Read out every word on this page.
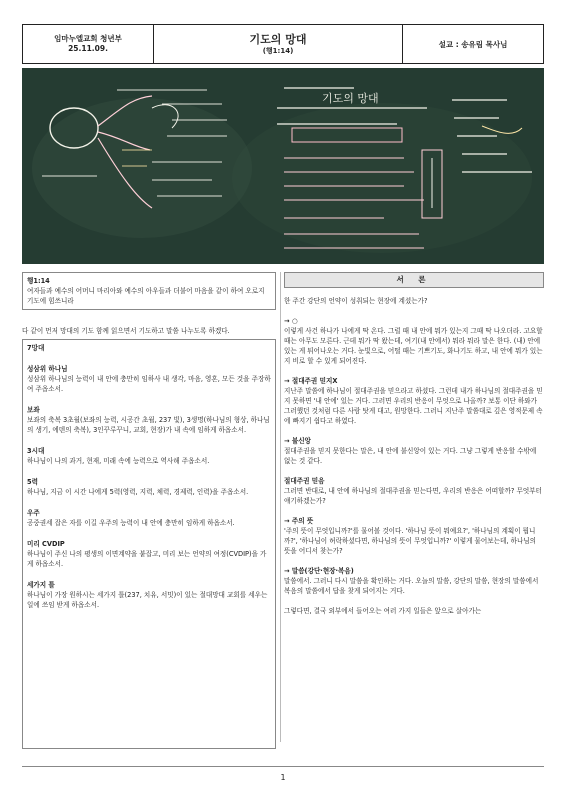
임마누엘교회 청년부
25.11.09.
기도의 망대
(행1:14)
설교 : 송유림 목사님
기도의 망대
행1:14
여자들과 예수의 어머니 마리아와 예수의 아우들과 더불어 마음을 같이 하여 오로지 기도에 힘쓰니라
다 같이 먼저 망대의 기도 함께 읽으면서 기도하고 말씀 나누도록 하겠다.
7망대
성삼위 하나님
성삼위 하나님의 능력이 내 안에 충만히 임하사 내 생각, 마음, 영혼, 모든 것을 주장하여 주옵소서.
보좌
보좌의 축복 3초월(보좌의 능력, 시공간 초월, 237 빛), 3생명(하나님의 형상, 하나님의 생기, 에덴의 축복), 3인꾸루꾸니, 교회, 현장)가 내 속에 임하게 하옵소서.
3시대
하나님이 나의 과거, 현재, 미래 속에 능력으로 역사해 주옵소서.
5력
하나님, 지금 이 시간 나에게 5력(영력, 지력, 체력, 경제력, 인력)을 주옵소서.
우주
공중권세 잡은 자를 이길 우주의 능력이 내 안에 충만히 임하게 하옵소서.
미리 CVDIP
하나님이 주신 나의 평생의 이면계약을 붙잡고, 미리 보는 언약의 여정(CVDIP)을 가게 하옵소서.
세가지 틀
하나님이 가장 원하시는 세가지 틀(237, 치유, 서밋)이 있는 절대망대 교회를 세우는 일에 쓰임 받게 하옵소서.
서 론
한 주간 강단의 언약이 성취되는 현장에 계셨는가?
→ ○
이렇게 사건 하나가 나에게 딱 온다. 그럴 때 내 안에 뭐가 있는지 그때 딱 나오더라. 고요할 때는 아무도 모른다. 근데 뭐가 딱 왔는데, 여기(내 안에서) 뭐라 뭐라 말은 한다. (내) 안에 있는 게 튀어나오는 거다. 눈빛으로, 어떨 때는 기쁘기도, 화나기도 하고, 내 안에 뭐가 있는지 비로 할 수 있게 되어진다.
→ 절대주권 믿지X
지난주 말씀에 하나님이 절대주권을 믿으라고 하셨다. 그런데 내가 하나님의 절대주권을 믿지 못하면 '내 안에' 있는 거다. 그러면 우리의 반응이 무엇으로 나올까? 보통 이단 하와가 그러했던 것처럼 다른 사람 탓게 대고, 원망한다. 그러니 지난주 말씀대로 깊은 영적문제 속에 빠지기 쉽다고 하였다.
→ 불신앙
절대주권을 믿지 못한다는 말은, 내 안에 불신앙이 있는 거다. 그냥 그렇게 반응할 수밖에 없는 것 같다.
절대주권 믿음
그러면 반대로, 내 안에 하나님의 절대주권을 믿는다면, 우리의 반응은 어떠할까? 무엇부터 얘기하겠는가?
→ 주의 뜻
'주의 뜻이 무엇입니까?'를 물어볼 것이다. '하나님 뜻이 뭐예요?', '하나님의 계획이 뭡니까?', '하나님이 허락하셨다면, 하나님의 뜻이 무엇입니까?' 이렇게 물어보는데, 하나님의 뜻을 어디서 찾는가?
→ 말씀(강단·현장·복음)
말씀에서. 그러니 다시 말씀을 확인하는 거다. 오늘의 말씀, 강단의 말씀, 현장의 말씀에서 복음의 말씀에서 답을 찾게 되어지는 거다.
그렇다면, 결국 외부에서 들어오는 여러 가지 일들은 앞으로 살아가는
1
